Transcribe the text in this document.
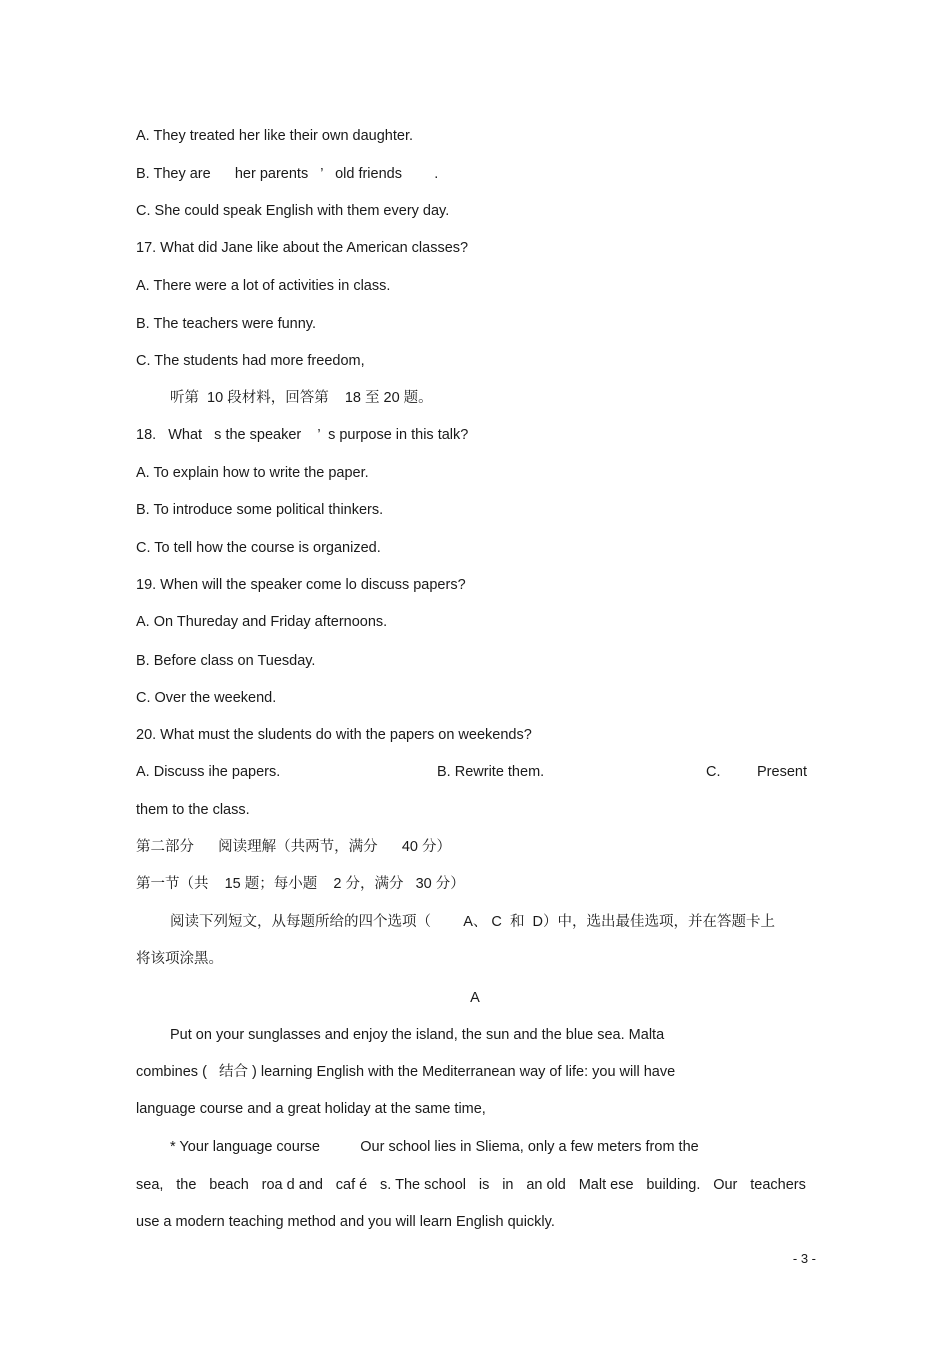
A. They treated her like their own daughter.
B. They are      her parents   ’   old friends        .
C. She could speak English with them every day.
17. What did Jane like about the American classes?
A. There were a lot of activities in class.
B. The teachers were funny.
C. The students had more freedom,
听第  10 段材料，回答第    18 至 20 题。
18.   What   s the speaker    ’  s purpose in this talk?
A. To explain how to write the paper.
B. To introduce some political thinkers.
C. To tell how the course is organized.
19. When will the speaker come lo discuss papers?
A. On Thureday and Friday afternoons.
B. Before class on Tuesday.
C. Over the weekend.
20. What must the sludents do with the papers on weekends?
A. Discuss ihe papers.	B. Rewrite them.	C.	Present
them to the class.
第二部分      阅读理解（共两节，满分      40 分）
第一节（共    15 题；每小题    2 分，满分   30 分）
阅读下列短文，从每题所给的四个选项（        A、 C  和  D）中，选出最佳选项，并在答题卡上
将该项涂黑。
A
Put on your sunglasses and enjoy the island, the sun and the blue sea. Malta
combines (   结合 ) learning English with the Mediterranean way of life: you will have
language course and a great holiday at the same time,
* Your language course          Our school lies in Sliema, only a few meters from the
sea, the beach roa d and caf é s. The school is in an old Malt ese building. Our teachers
use a modern teaching method and you will learn English quickly.
- 3 -
